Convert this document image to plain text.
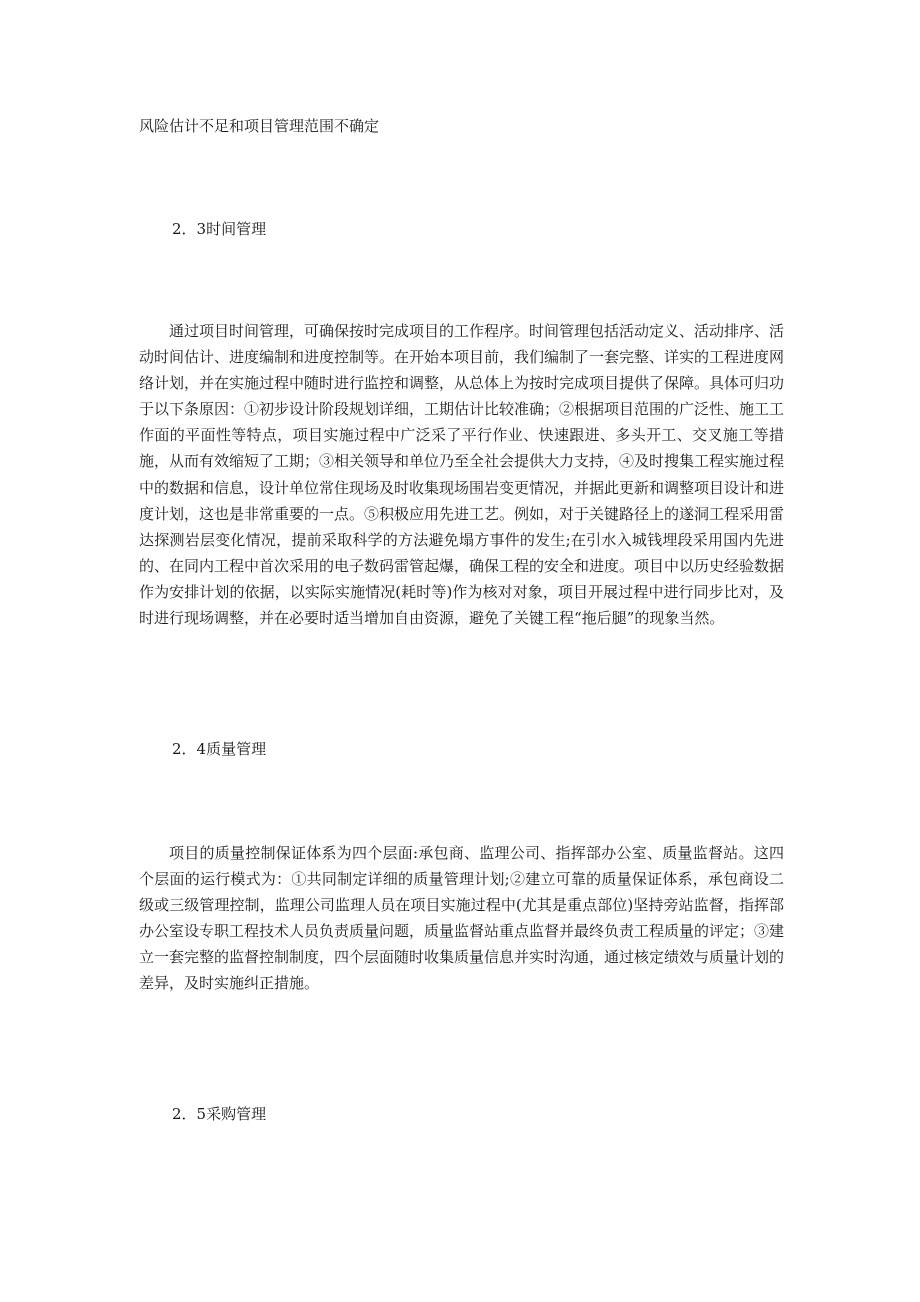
风险估计不足和项目管理范围不确定

2．3时间管理

通过项目时间管理，可确保按时完成项目的工作程序。时间管理包括活动定义、活动排序、活动时间估计、进度编制和进度控制等。在开始本项目前，我们编制了一套完整、详实的工程进度网络计划，并在实施过程中随时进行监控和调整，从总体上为按时完成项目提供了保障。具体可归功于以下条原因：①初步设计阶段规划详细，工期估计比较准确；②根据项目范围的广泛性、施工工作面的平面性等特点，项目实施过程中广泛采了平行作业、快速跟进、多头开工、交叉施工等措施，从而有效缩短了工期；③相关领导和单位乃至全社会提供大力支持，④及时搜集工程实施过程中的数据和信息，设计单位常住现场及时收集现场围岩变更情况，并据此更新和调整项目设计和进度计划，这也是非常重要的一点。⑤积极应用先进工艺。例如，对于关键路径上的遂洞工程采用雷达探测岩层变化情况，提前采取科学的方法避免塌方事件的发生;在引水入城钱埋段采用国内先进的、在同内工程中首次采用的电子数码雷管起爆，确保工程的安全和进度。项目中以历史经验数据作为安排计划的依据，以实际实施情况(耗时等)作为核对对象，项目开展过程中进行同步比对，及时进行现场调整，并在必要时适当增加自由资源，避免了关键工程“拖后腿”的现象当然。

2．4质量管理

项目的质量控制保证体系为四个层面:承包商、监理公司、指挥部办公室、质量监督站。这四个层面的运行模式为：①共同制定详细的质量管理计划;②建立可靠的质量保证体系，承包商设二级或三级管理控制，监理公司监理人员在项目实施过程中(尤其是重点部位)坚持旁站监督，指挥部办公室设专职工程技术人员负责质量问题，质量监督站重点监督并最终负责工程质量的评定；③建立一套完整的监督控制制度，四个层面随时收集质量信息并实时沟通，通过核定绩效与质量计划的差异，及时实施纠正措施。

2．5采购管理
